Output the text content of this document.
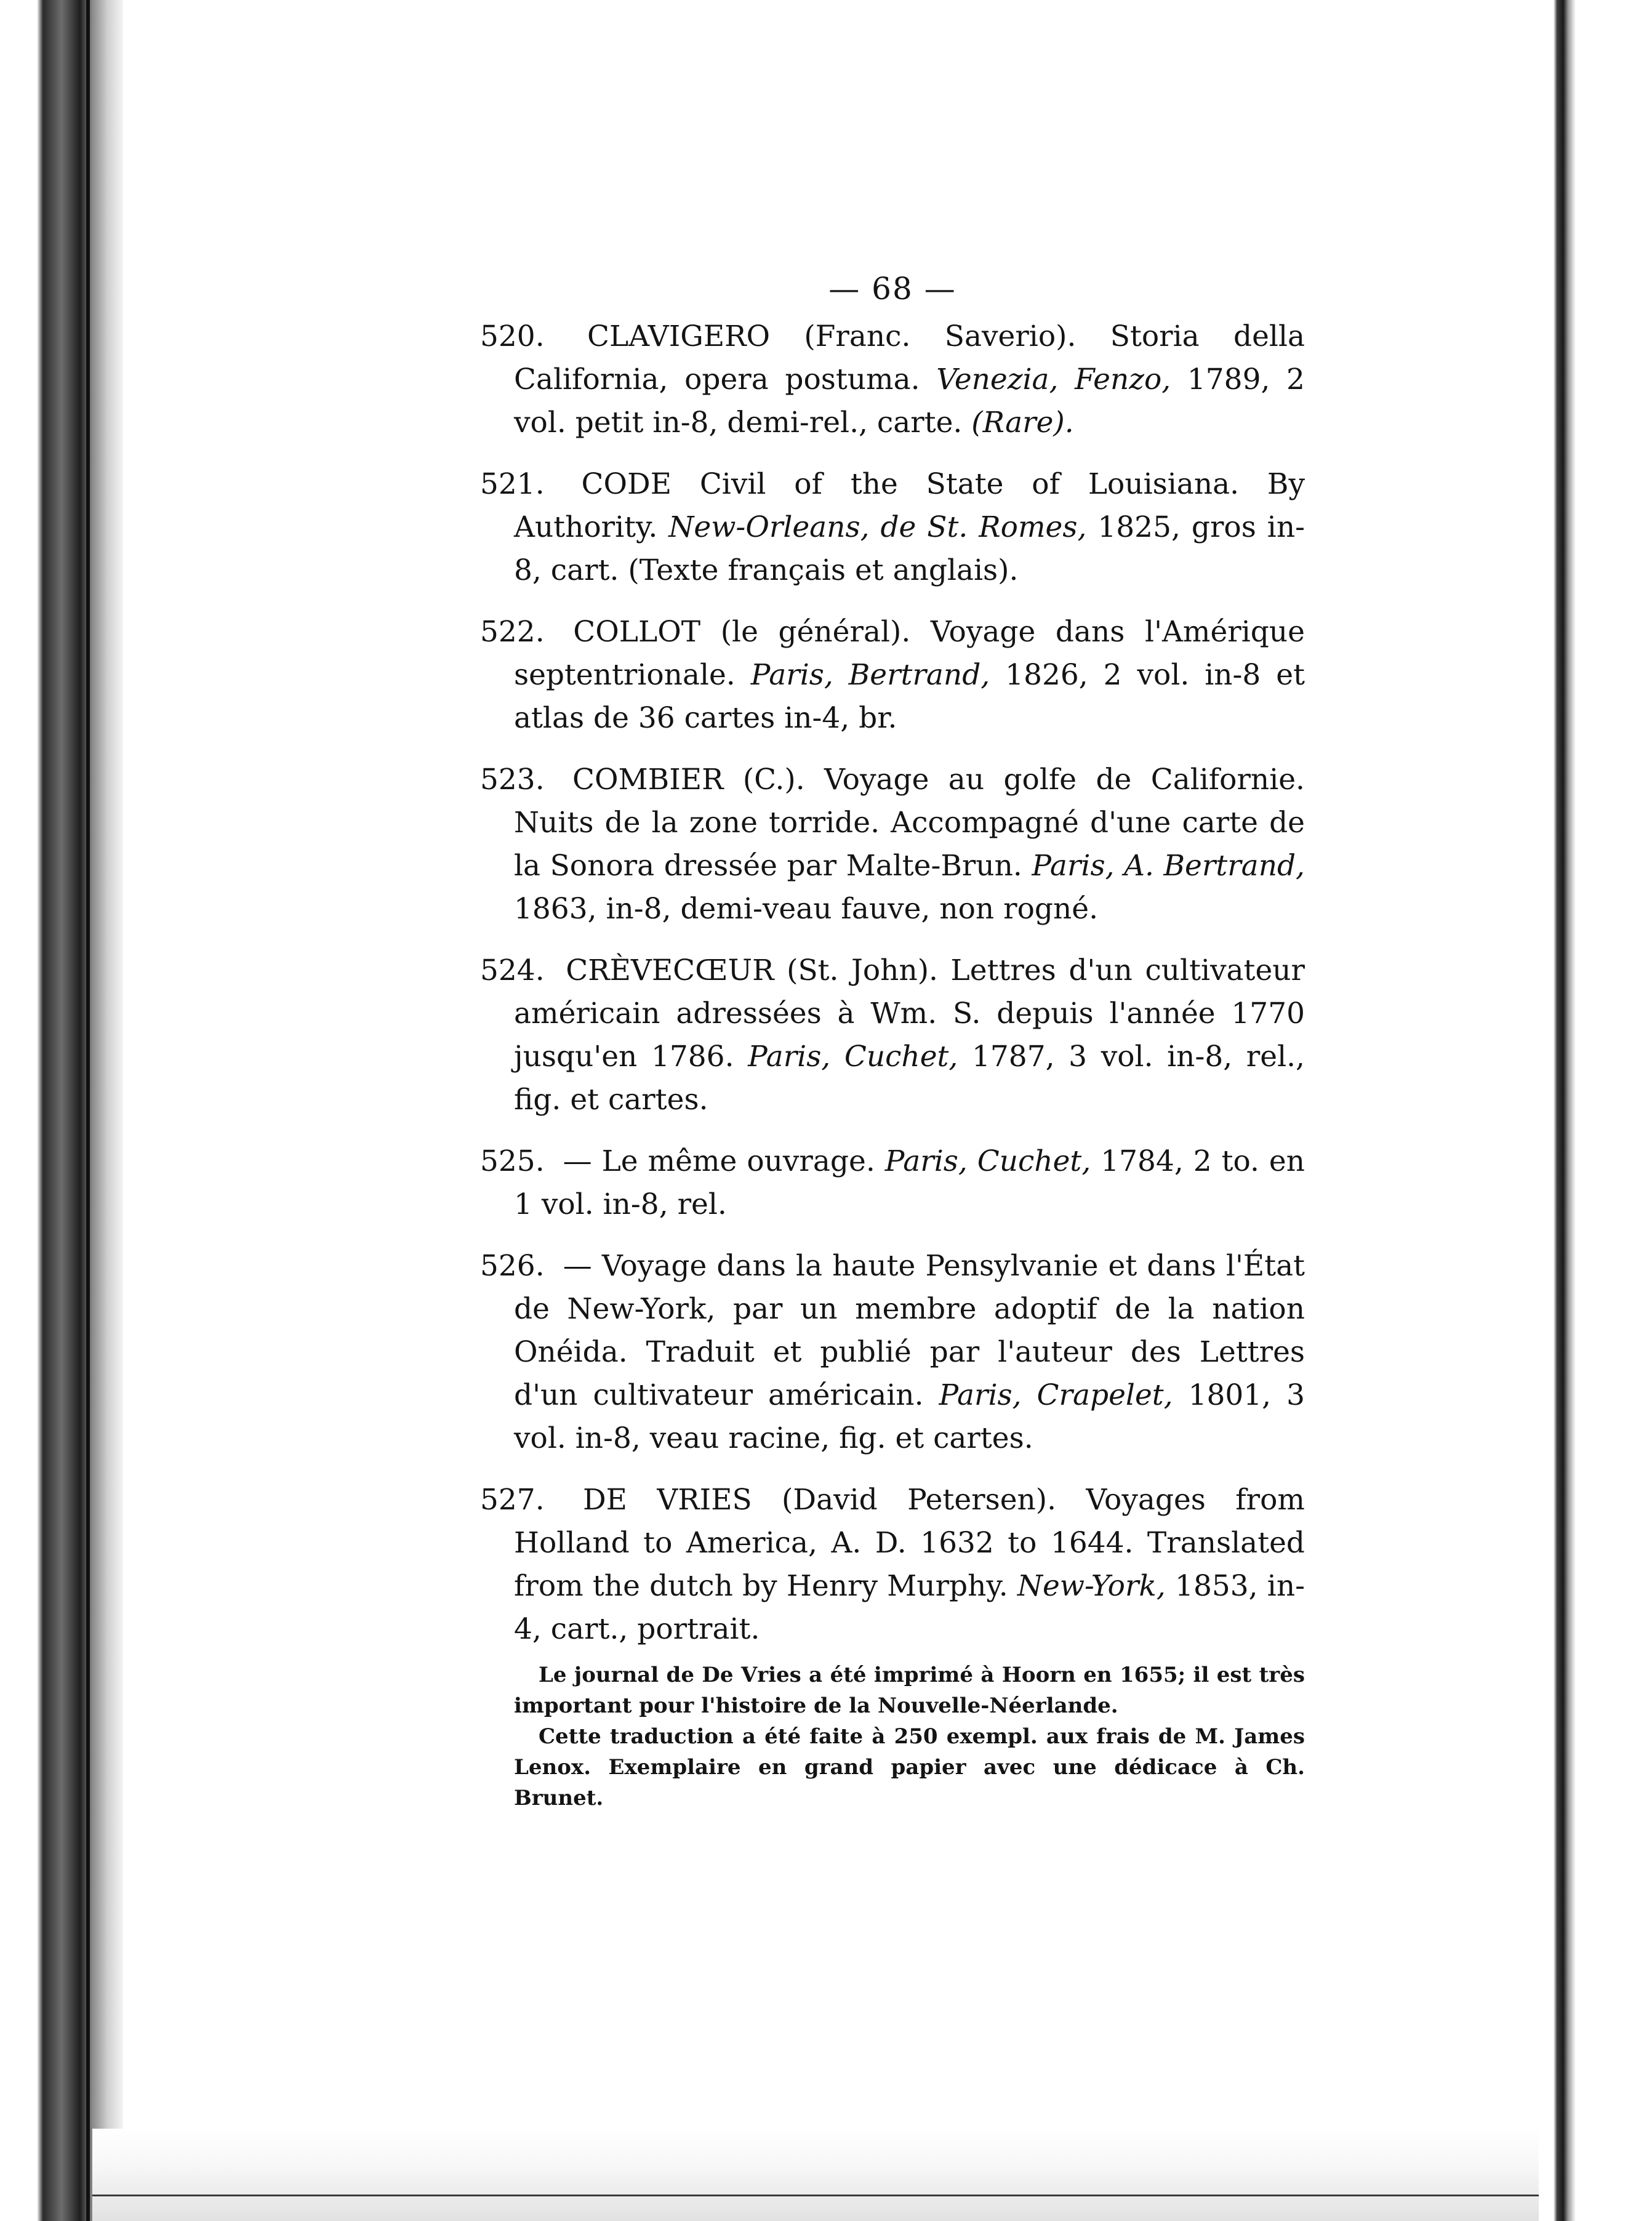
— 68 —
520. CLAVIGERO (Franc. Saverio). Storia della California, opera postuma. Venezia, Fenzo, 1789, 2 vol. petit in-8, demi-rel., carte. (Rare).
521. CODE Civil of the State of Louisiana. By Authority. New-Orleans, de St. Romes, 1825, gros in-8, cart. (Texte français et anglais).
522. COLLOT (le général). Voyage dans l'Amérique septentrionale. Paris, Bertrand, 1826, 2 vol. in-8 et atlas de 36 cartes in-4, br.
523. COMBIER (C.). Voyage au golfe de Californie. Nuits de la zone torride. Accompagné d'une carte de la Sonora dressée par Malte-Brun. Paris, A. Bertrand, 1863, in-8, demi-veau fauve, non rogné.
524. CRÈVECŒUR (St. John). Lettres d'un cultivateur américain adressées à Wm. S. depuis l'année 1770 jusqu'en 1786. Paris, Cuchet, 1787, 3 vol. in-8, rel., fig. et cartes.
525. — Le même ouvrage. Paris, Cuchet, 1784, 2 to. en 1 vol. in-8, rel.
526. — Voyage dans la haute Pensylvanie et dans l'État de New-York, par un membre adoptif de la nation Onéida. Traduit et publié par l'auteur des Lettres d'un cultivateur américain. Paris, Crapelet, 1801, 3 vol. in-8, veau racine, fig. et cartes.
527. DE VRIES (David Petersen). Voyages from Holland to America, A. D. 1632 to 1644. Translated from the dutch by Henry Murphy. New-York, 1853, in-4, cart., portrait.

Le journal de De Vries a été imprimé à Hoorn en 1655; il est très important pour l'histoire de la Nouvelle-Néerlande.

Cette traduction a été faite à 250 exempl. aux frais de M. James Lenox. Exemplaire en grand papier avec une dédicace à Ch. Brunet.
